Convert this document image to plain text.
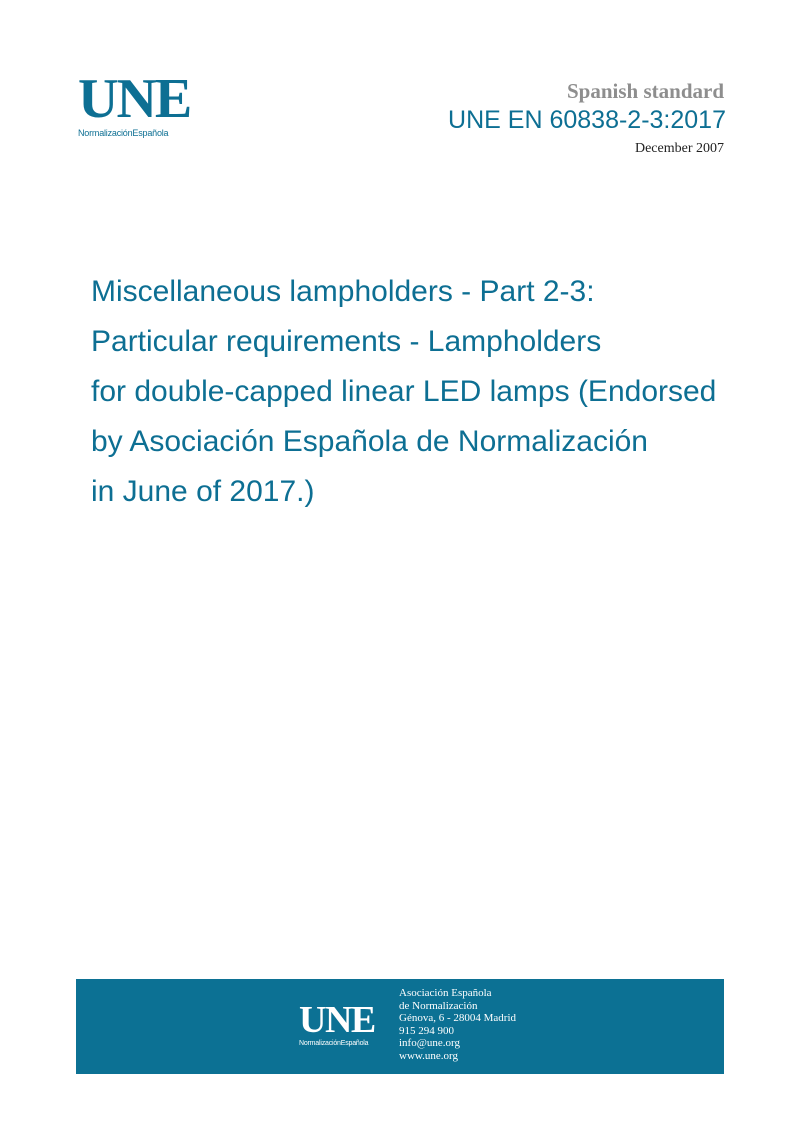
UNE
NormalizaciónEspañola
Spanish standard
UNE EN 60838-2-3:2017
December 2007
Miscellaneous lampholders - Part 2-3:
Particular requirements - Lampholders
for double-capped linear LED lamps (Endorsed
by Asociación Española de Normalización
in June of 2017.)
UNE
NormalizaciónEspañola
Asociación Española
de Normalización
Génova, 6 - 28004 Madrid
915 294 900
info@une.org
www.une.org
